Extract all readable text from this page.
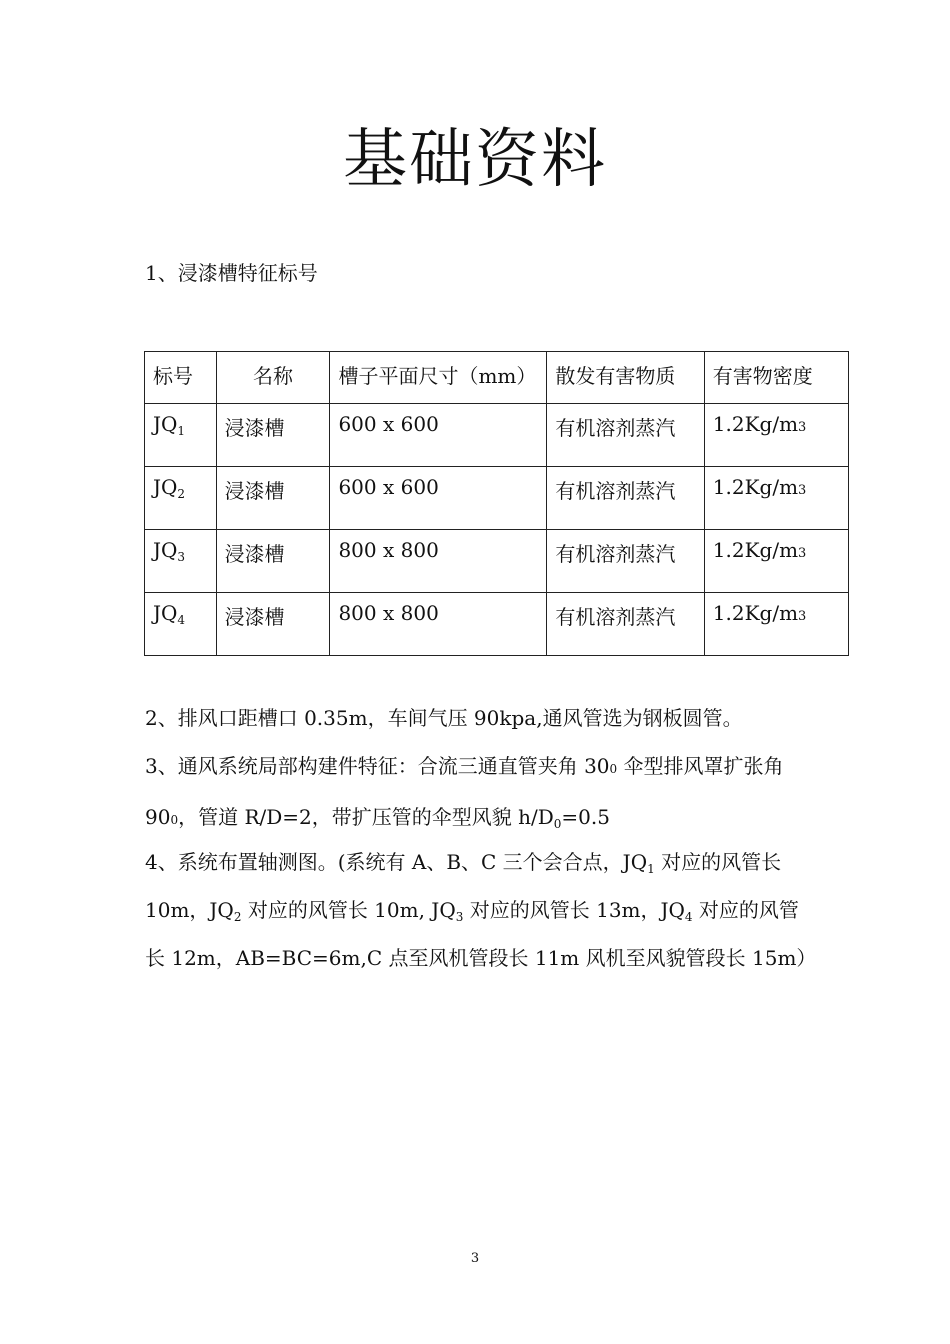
基础资料
1、浸漆槽特征标号
标号	名称	槽子平面尺寸（mm）	散发有害物质	有害物密度
$JQ_1$	浸漆槽	600 x 600	有机溶剂蒸汽	1.2Kg/m3
$JQ_2$	浸漆槽	600 x 600	有机溶剂蒸汽	1.2Kg/m3
$JQ_3$	浸漆槽	800 x 800	有机溶剂蒸汽	1.2Kg/m3
$JQ_4$	浸漆槽	800 x 800	有机溶剂蒸汽	1.2Kg/m3
2、排风口距槽口 0.35m，车间气压 90kpa,通风管选为钢板圆管。
3、通风系统局部构建件特征：合流三通直管夹角 300 伞型排风罩扩张角 900，管道 R/D=2，带扩压管的伞型风貌 $h/D_0=0.5$
4、系统布置轴测图。(系统有 A、B、C 三个会合点，$JQ_1$ 对应的风管长 10m，$JQ_2$ 对应的风管长 10m, $JQ_3$ 对应的风管长 13m，$JQ_4$ 对应的风管长 12m，AB=BC=6m,C 点至风机管段长 11m 风机至风貌管段长 15m）
3
